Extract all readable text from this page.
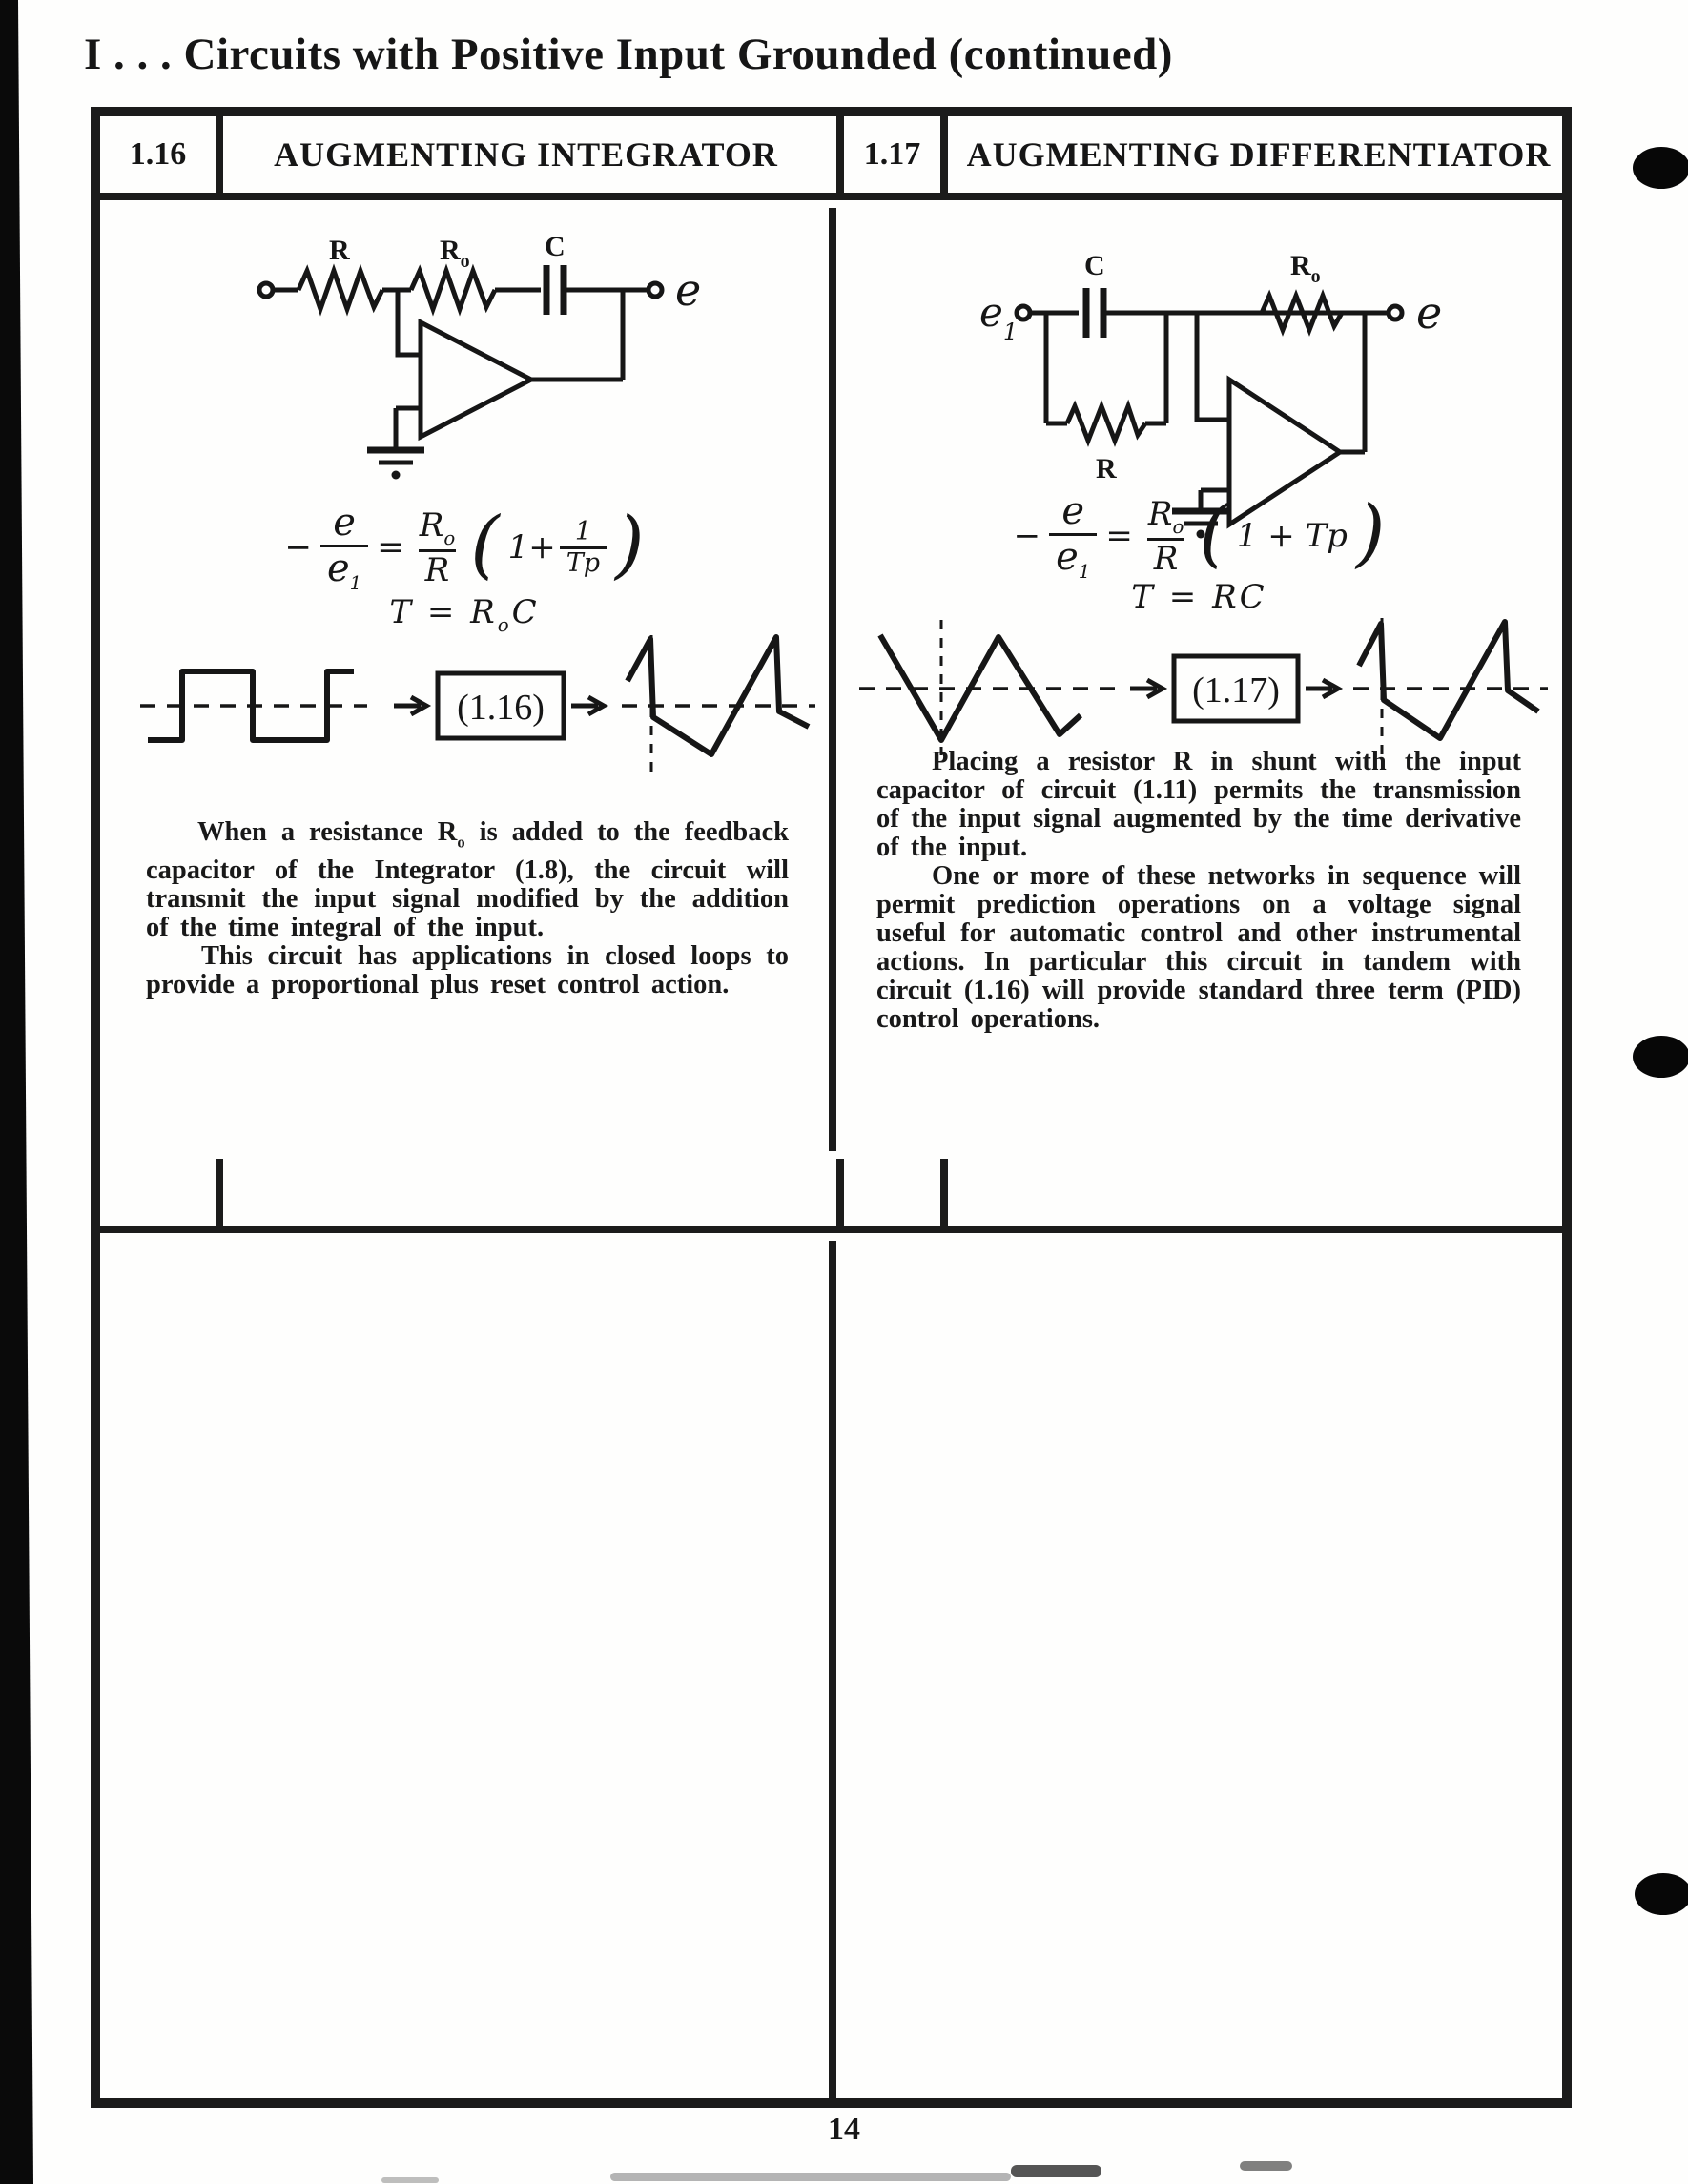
I . . . Circuits with Positive Input Grounded (continued)
1.16	AUGMENTING INTEGRATOR	1.17	AUGMENTING DIFFERENTIATOR
R	Ro	C
e
− $\frac{e}{e_1} = \frac{R_o}{R}$ ( $1+ \frac{1}{Tp}$ )
$T = R_oC$
(1.16)

When a resistance $R_o$ is added to the feedback capacitor of the Integrator (1.8), the circuit will transmit the input signal modified by the addition of the time integral of the input.

This circuit has applications in closed loops to provide a proportional plus reset control action.

e1
C
R
Ro
e
− $\frac{e}{e_1} = \frac{R_o}{R}$ ( 1 + Tp )
T = RC
(1.17)

Placing a resistor R in shunt with the input capacitor of circuit (1.11) permits the transmission of the input signal augmented by the time derivative of the input.

One or more of these networks in sequence will permit prediction operations on a voltage signal useful for automatic control and other instrumental actions. In particular this circuit in tandem with circuit (1.16) will provide standard three term (PID) control operations.

14
